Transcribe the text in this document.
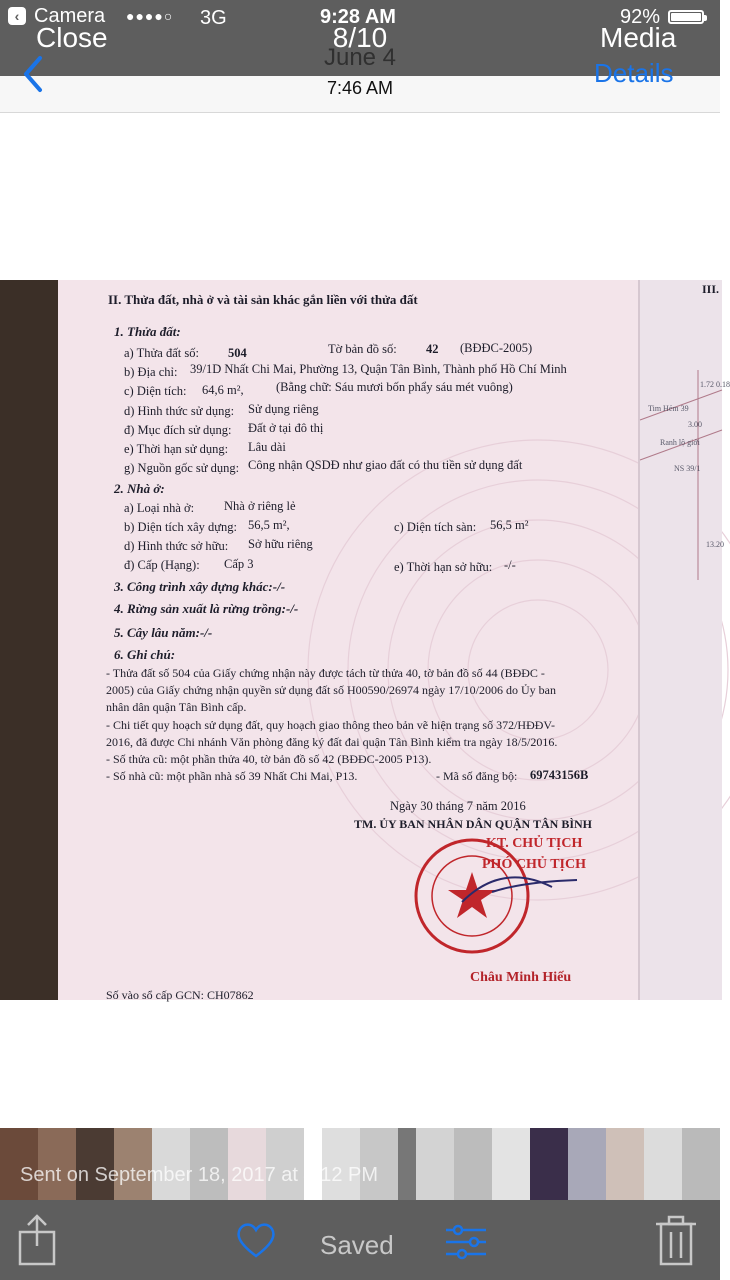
7:46 AM
‹ Camera ●●●●○ 3G	9:28 AM	92%
Close	8/10	Media
June 4
Details
II. Thửa đất, nhà ở và tài sản khác gắn liền với thửa đất
1. Thửa đất:
a) Thửa đất số: 504	Tờ bản đồ số: 42 (BĐĐC-2005)
b) Địa chỉ: 39/1D Nhất Chi Mai, Phường 13, Quận Tân Bình, Thành phố Hồ Chí Minh
c) Diện tích: 64,6 m²,	(Bằng chữ: Sáu mươi bốn phẩy sáu mét vuông)
d) Hình thức sử dụng: Sử dụng riêng
đ) Mục đích sử dụng: Đất ở tại đô thị
e) Thời hạn sử dụng: Lâu dài
g) Nguồn gốc sử dụng: Công nhận QSDĐ như giao đất có thu tiền sử dụng đất
2. Nhà ở:
a) Loại nhà ở: Nhà ở riêng lẻ
b) Diện tích xây dựng: 56,5 m²,	c) Diện tích sàn: 56,5 m²
d) Hình thức sở hữu: Sở hữu riêng
đ) Cấp (Hạng): Cấp 3	e) Thời hạn sở hữu: -/-
3. Công trình xây dựng khác:-/-
4. Rừng sản xuất là rừng trồng:-/-
5. Cây lâu năm:-/-
6. Ghi chú:
- Thửa đất số 504 của Giấy chứng nhận này được tách từ thửa 40, tờ bản đồ số 44 (BĐĐC -
2005) của Giấy chứng nhận quyền sử dụng đất số H00590/26974 ngày 17/10/2006 do Ủy ban
nhân dân quận Tân Bình cấp.
- Chi tiết quy hoạch sử dụng đất, quy hoạch giao thông theo bản vẽ hiện trạng số 372/HĐĐV-
2016, đã được Chi nhánh Văn phòng đăng ký đất đai quận Tân Bình kiểm tra ngày 18/5/2016.
- Số thửa cũ: một phần thửa 40, tờ bản đồ số 42 (BĐĐC-2005 P13).
- Số nhà cũ: một phần nhà số 39 Nhất Chi Mai, P13.	- Mã số đăng bộ: 69743156B
Ngày 30 tháng 7 năm 2016
TM. ỦY BAN NHÂN DÂN QUẬN TÂN BÌNH
KT. CHỦ TỊCH
PHÓ CHỦ TỊCH
Châu Minh Hiếu
Số vào sổ cấp GCN: CH07862
III.
Tim Hẻm 39
Ranh lộ giới
NS 39/1
13.20
1.72 0.18
3.00
Sent on September 18, 2017 at 4:12 PM
Saved
